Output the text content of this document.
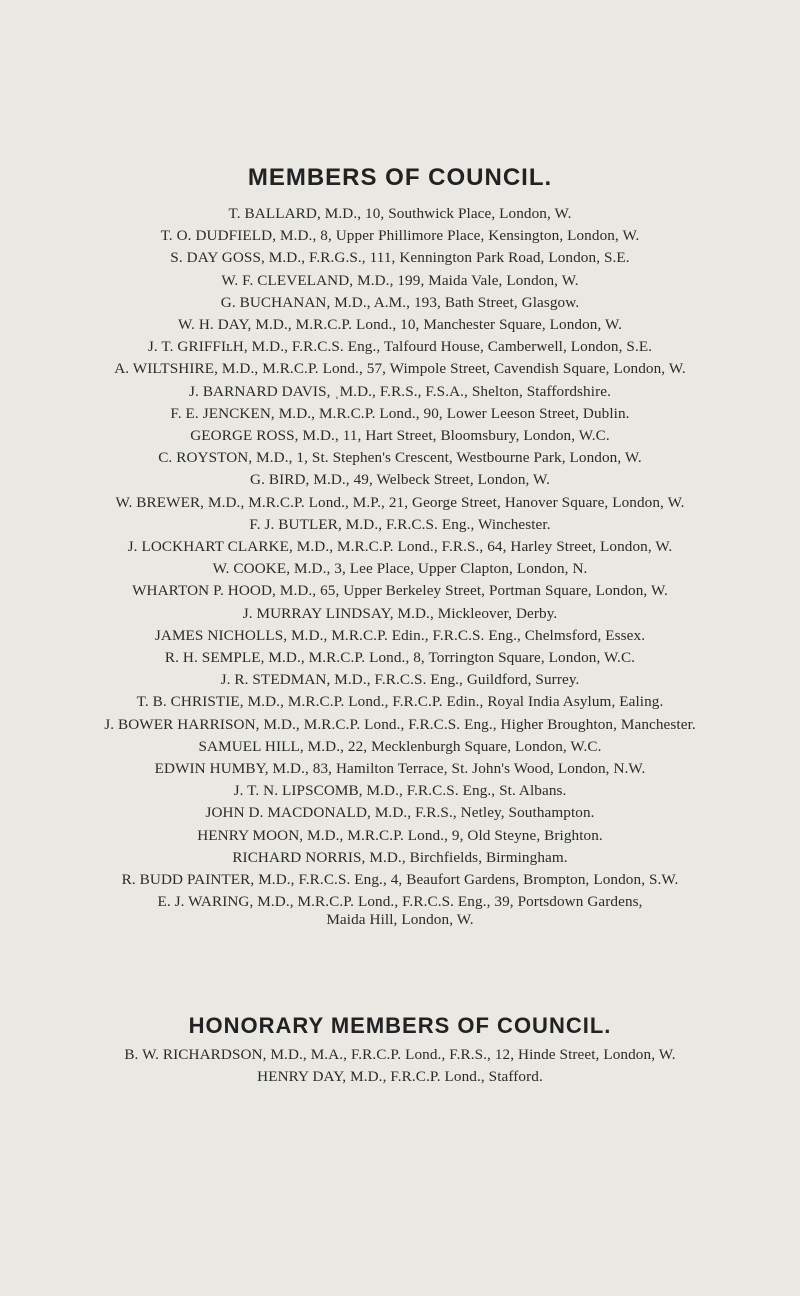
MEMBERS OF COUNCIL.
T. BALLARD, M.D., 10, Southwick Place, London, W.
T. O. DUDFIELD, M.D., 8, Upper Phillimore Place, Kensington, London, W.
S. DAY GOSS, M.D., F.R.G.S., 111, Kennington Park Road, London, S.E.
W. F. CLEVELAND, M.D., 199, Maida Vale, London, W.
G. BUCHANAN, M.D., A.M., 193, Bath Street, Glasgow.
W. H. DAY, M.D., M.R.C.P. Lond., 10, Manchester Square, London, W.
J. T. GRIFFIʟH, M.D., F.R.C.S. Eng., Talfourd House, Camberwell, London, S.E.
A. WILTSHIRE, M.D., M.R.C.P. Lond., 57, Wimpole Street, Cavendish Square, London, W.
J. BARNARD DAVIS, ˌM.D., F.R.S., F.S.A., Shelton, Staffordshire.
F. E. JENCKEN, M.D., M.R.C.P. Lond., 90, Lower Leeson Street, Dublin.
GEORGE ROSS, M.D., 11, Hart Street, Bloomsbury, London, W.C.
C. ROYSTON, M.D., 1, St. Stephen's Crescent, Westbourne Park, London, W.
G. BIRD, M.D., 49, Welbeck Street, London, W.
W. BREWER, M.D., M.R.C.P. Lond., M.P., 21, George Street, Hanover Square, London, W.
F. J. BUTLER, M.D., F.R.C.S. Eng., Winchester.
J. LOCKHART CLARKE, M.D., M.R.C.P. Lond., F.R.S., 64, Harley Street, London, W.
W. COOKE, M.D., 3, Lee Place, Upper Clapton, London, N.
WHARTON P. HOOD, M.D., 65, Upper Berkeley Street, Portman Square, London, W.
J. MURRAY LINDSAY, M.D., Mickleover, Derby.
JAMES NICHOLLS, M.D., M.R.C.P. Edin., F.R.C.S. Eng., Chelmsford, Essex.
R. H. SEMPLE, M.D., M.R.C.P. Lond., 8, Torrington Square, London, W.C.
J. R. STEDMAN, M.D., F.R.C.S. Eng., Guildford, Surrey.
T. B. CHRISTIE, M.D., M.R.C.P. Lond., F.R.C.P. Edin., Royal India Asylum, Ealing.
J. BOWER HARRISON, M.D., M.R.C.P. Lond., F.R.C.S. Eng., Higher Broughton, Manchester.
SAMUEL HILL, M.D., 22, Mecklenburgh Square, London, W.C.
EDWIN HUMBY, M.D., 83, Hamilton Terrace, St. John's Wood, London, N.W.
J. T. N. LIPSCOMB, M.D., F.R.C.S. Eng., St. Albans.
JOHN D. MACDONALD, M.D., F.R.S., Netley, Southampton.
HENRY MOON, M.D., M.R.C.P. Lond., 9, Old Steyne, Brighton.
RICHARD NORRIS, M.D., Birchfields, Birmingham.
R. BUDD PAINTER, M.D., F.R.C.S. Eng., 4, Beaufort Gardens, Brompton, London, S.W.
E. J. WARING, M.D., M.R.C.P. Lond., F.R.C.S. Eng., 39, Portsdown Gardens,
Maida Hill, London, W.
HONORARY MEMBERS OF COUNCIL.
B. W. RICHARDSON, M.D., M.A., F.R.C.P. Lond., F.R.S., 12, Hinde Street, London, W.
HENRY DAY, M.D., F.R.C.P. Lond., Stafford.
